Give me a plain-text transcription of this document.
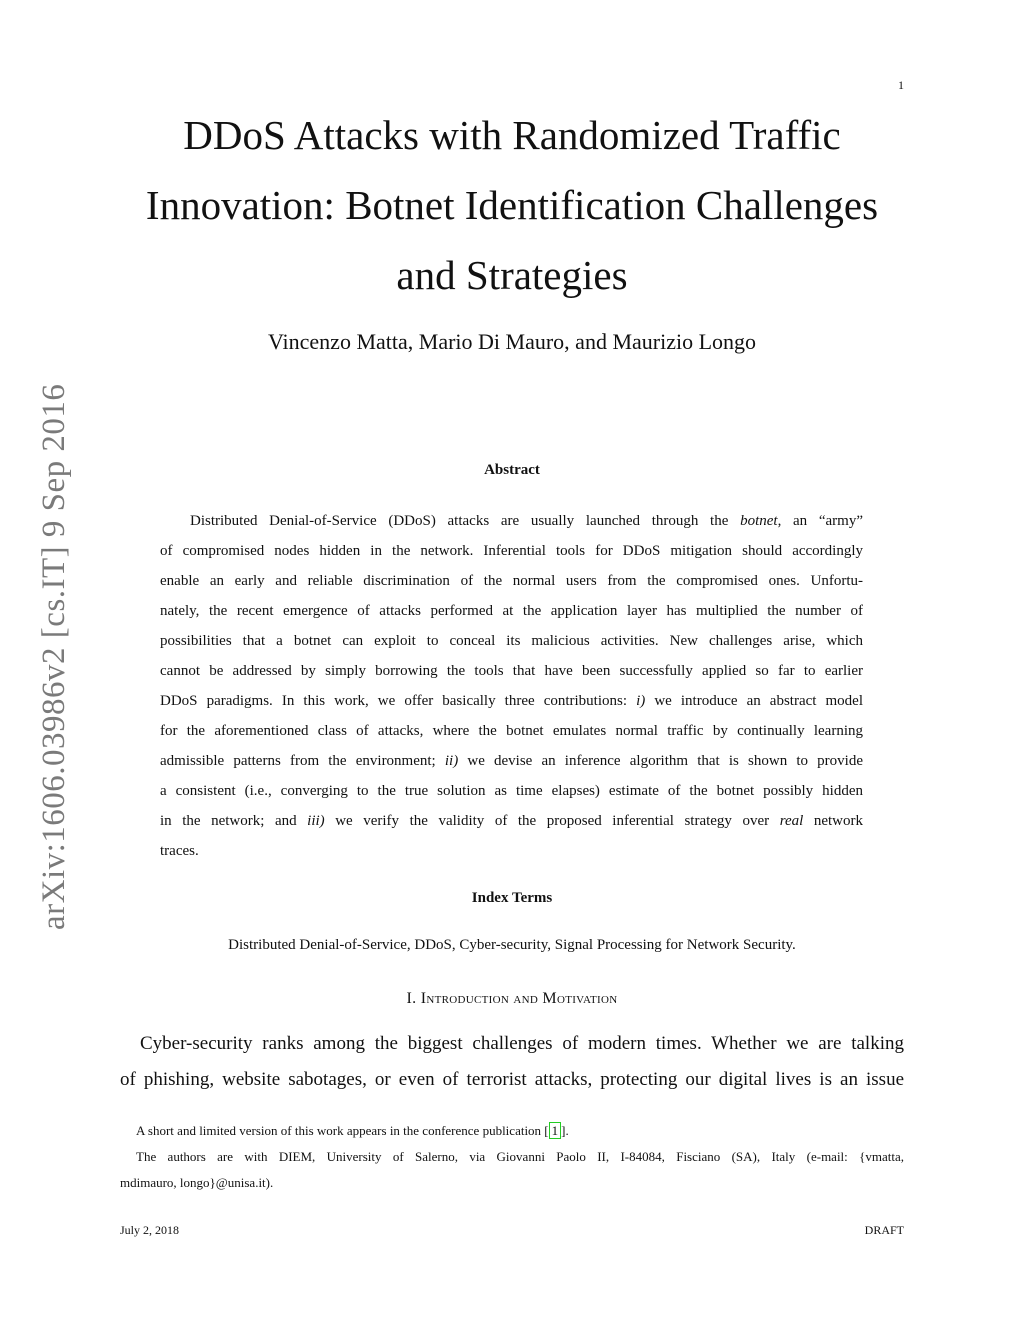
1
arXiv:1606.03986v2 [cs.IT] 9 Sep 2016
DDoS Attacks with Randomized Traffic
Innovation: Botnet Identification Challenges
and Strategies
Vincenzo Matta, Mario Di Mauro, and Maurizio Longo
Abstract
Distributed Denial-of-Service (DDoS) attacks are usually launched through the botnet, an “army”
of compromised nodes hidden in the network. Inferential tools for DDoS mitigation should accordingly
enable an early and reliable discrimination of the normal users from the compromised ones. Unfortu-
nately, the recent emergence of attacks performed at the application layer has multiplied the number of
possibilities that a botnet can exploit to conceal its malicious activities. New challenges arise, which
cannot be addressed by simply borrowing the tools that have been successfully applied so far to earlier
DDoS paradigms. In this work, we offer basically three contributions: i) we introduce an abstract model
for the aforementioned class of attacks, where the botnet emulates normal traffic by continually learning
admissible patterns from the environment; ii) we devise an inference algorithm that is shown to provide
a consistent (i.e., converging to the true solution as time elapses) estimate of the botnet possibly hidden
in the network; and iii) we verify the validity of the proposed inferential strategy over real network
traces.
Index Terms
Distributed Denial-of-Service, DDoS, Cyber-security, Signal Processing for Network Security.
I. Introduction and Motivation
Cyber-security ranks among the biggest challenges of modern times. Whether we are talking
of phishing, website sabotages, or even of terrorist attacks, protecting our digital lives is an issue
A short and limited version of this work appears in the conference publication [ 1 ].
The authors are with DIEM, University of Salerno, via Giovanni Paolo II, I-84084, Fisciano (SA), Italy (e-mail: {vmatta,
mdimauro, longo}@unisa.it).
July 2, 2018	DRAFT
